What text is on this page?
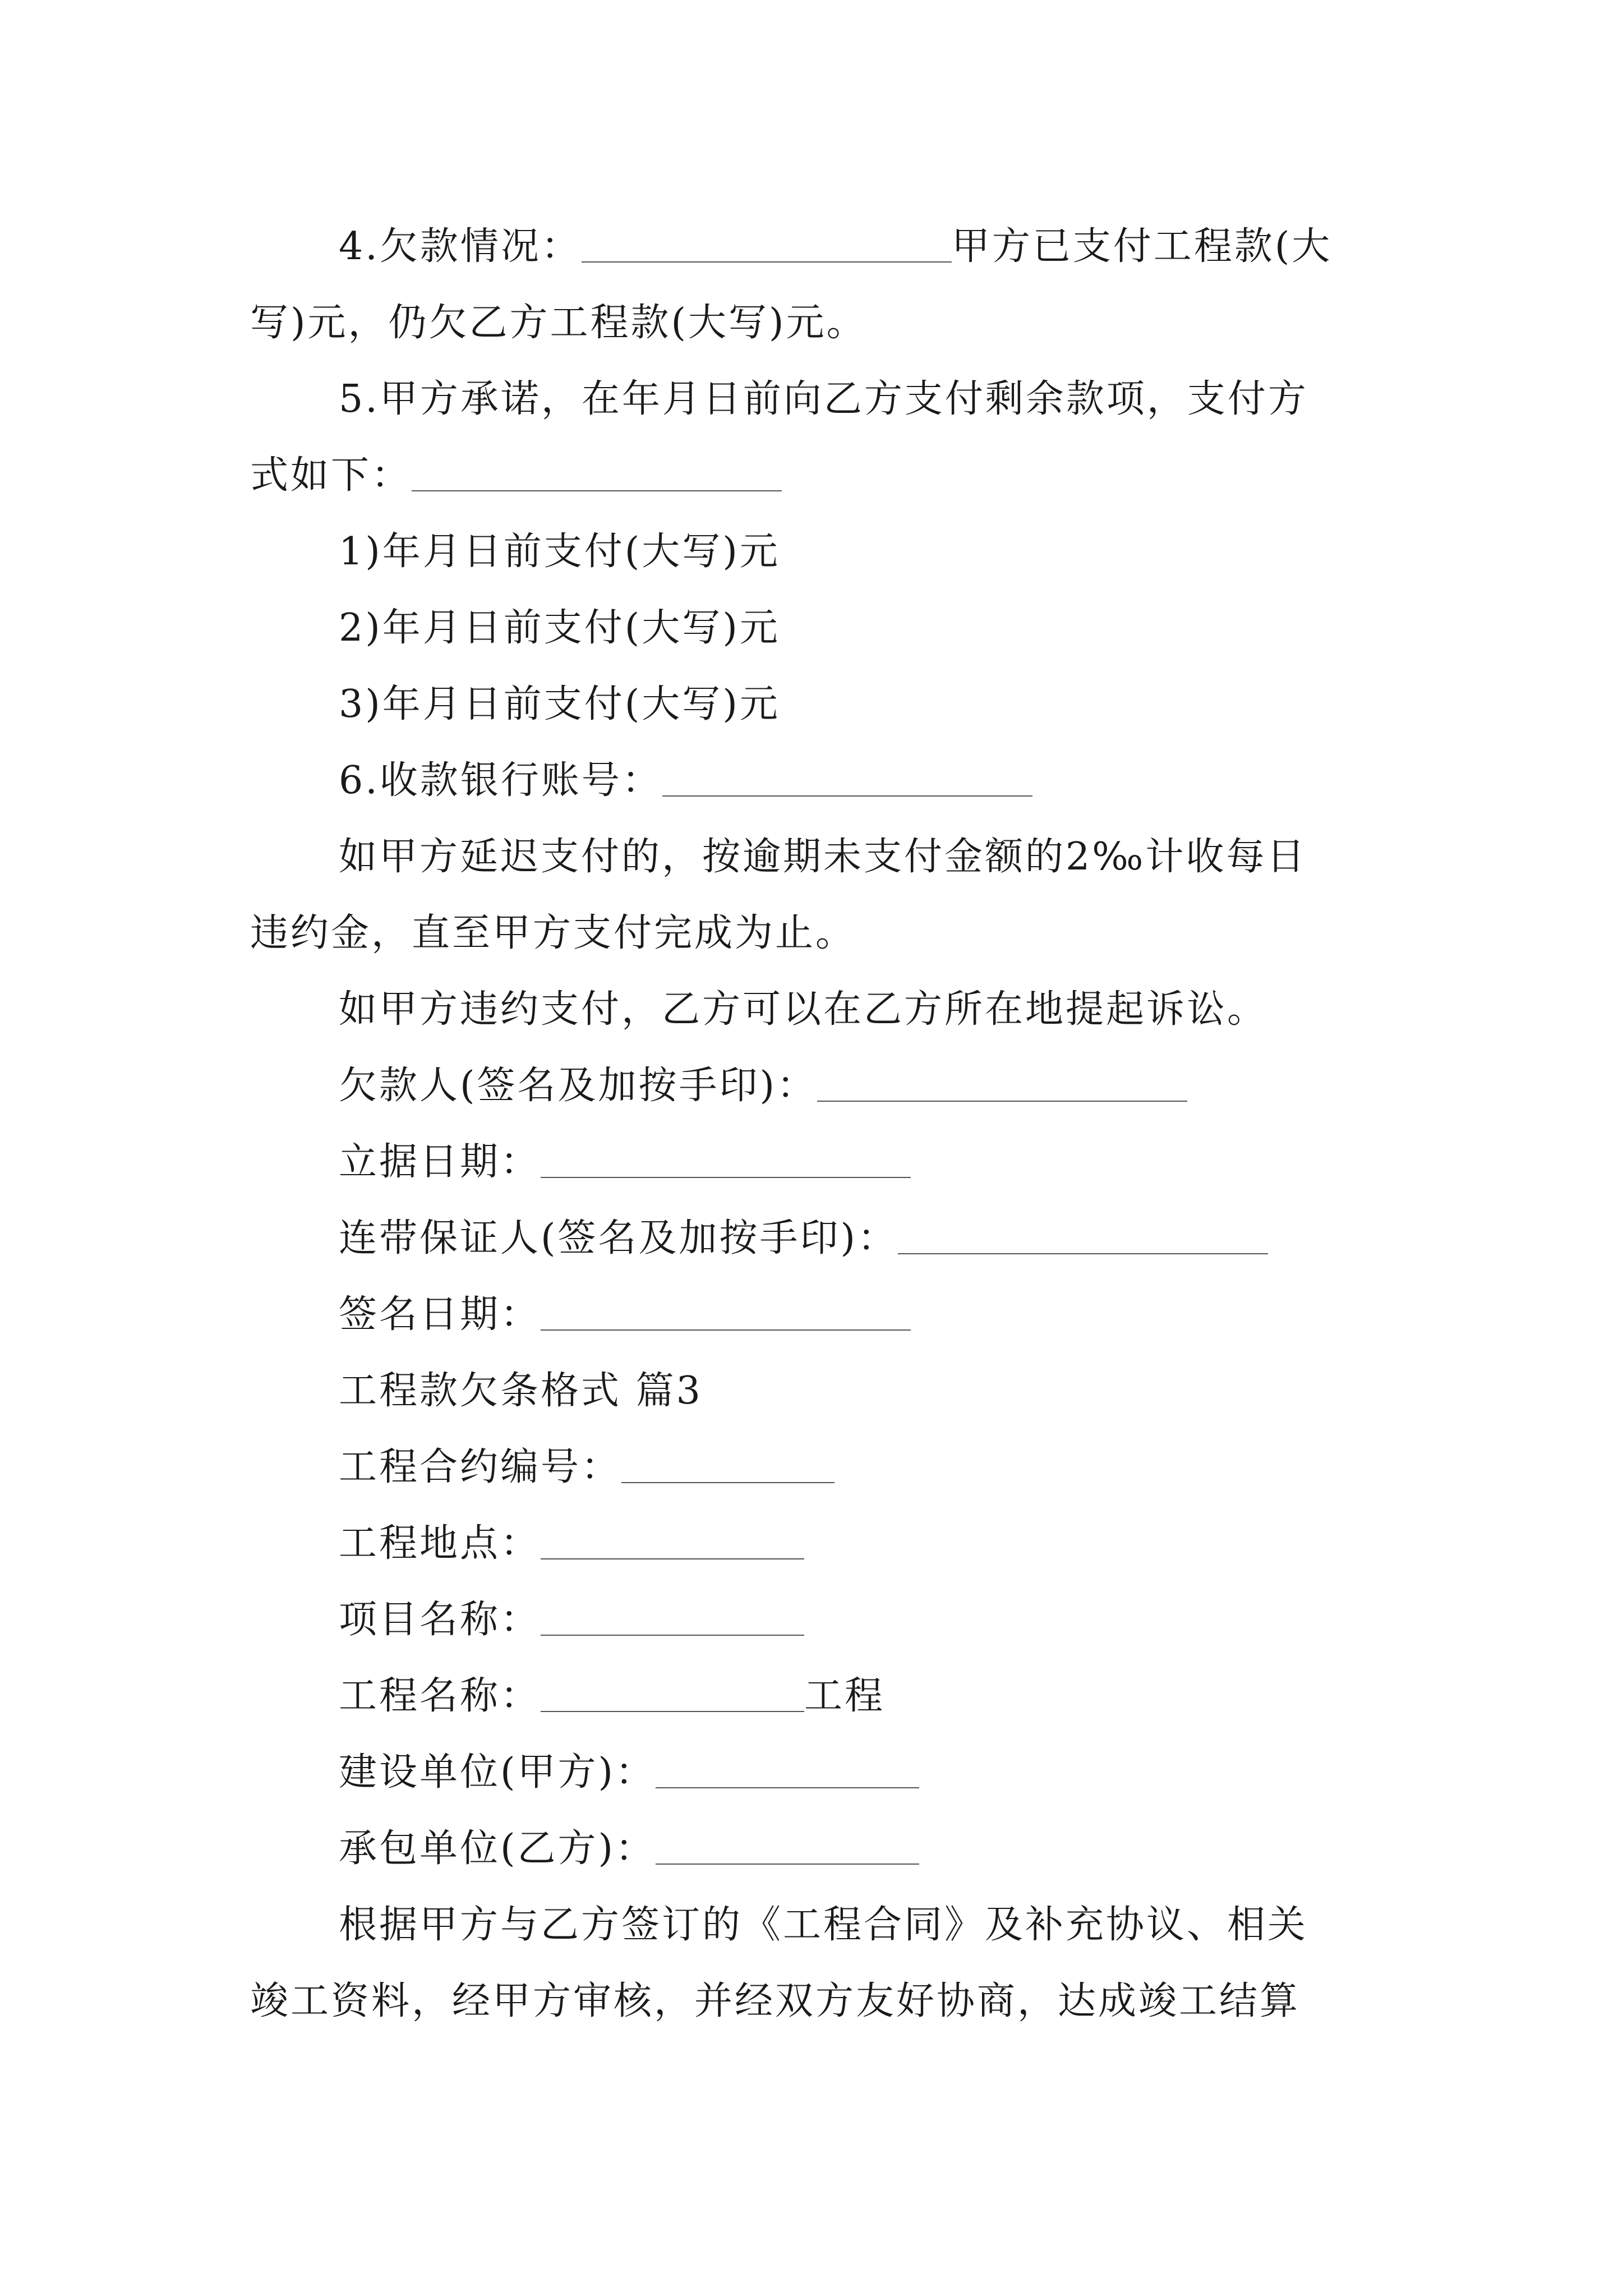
4.欠款情况：	甲方已支付工程款(大
写)元，仍欠乙方工程款(大写)元。
5.甲方承诺，在年月日前向乙方支付剩余款项，支付方
式如下：
1)年月日前支付(大写)元
2)年月日前支付(大写)元
3)年月日前支付(大写)元
6.收款银行账号：
如甲方延迟支付的，按逾期未支付金额的2‰计收每日
违约金，直至甲方支付完成为止。
如甲方违约支付，乙方可以在乙方所在地提起诉讼。
欠款人(签名及加按手印)：
立据日期：
连带保证人(签名及加按手印)：
签名日期：
工程款欠条格式 篇3
工程合约编号：
工程地点：
项目名称：
工程名称：	工程
建设单位(甲方)：
承包单位(乙方)：
根据甲方与乙方签订的《工程合同》及补充协议、相关
竣工资料，经甲方审核，并经双方友好协商，达成竣工结算
